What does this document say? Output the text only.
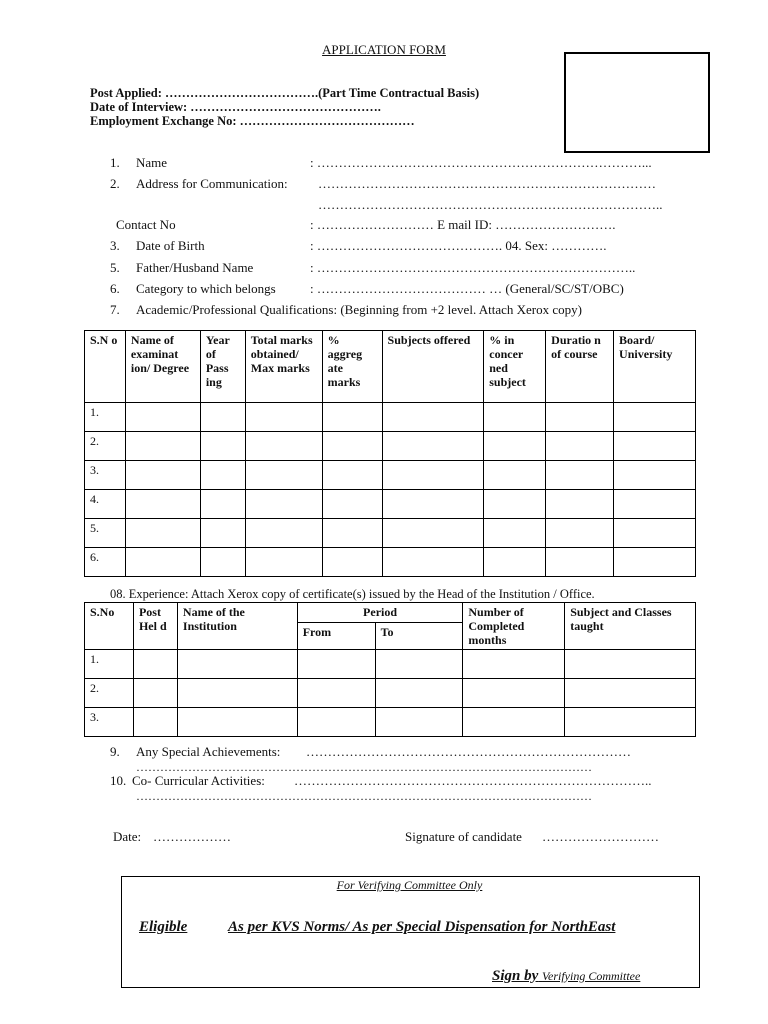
APPLICATION FORM
Post Applied: ……………………………….(Part Time Contractual Basis)
Date of Interview: ……………………………………….
Employment Exchange No: ……………………………………
1. Name	: …………………………………………………………………...
2. Address for Communication: ……………………………………………………………………
……………………………………………………………………..
Contact No	: ……………………… E mail ID: ……………………….
3. Date of Birth	: ……………………………………. 04. Sex: ………….
5. Father/Husband Name	: ………………………………………………………………..
6. Category to which belongs	: ………………………………… … (General/SC/ST/OBC)
7. Academic/Professional Qualifications: (Beginning from +2 level. Attach Xerox copy)
S.N o	Name of examinat ion/ Degree	Year of Pass ing	Total marks obtained/ Max marks	% aggreg ate marks	Subjects offered	% in concer ned subject	Duratio n of course	Board/ University
1.								
2.								
3.								
4.								
5.								
6.								
08. Experience: Attach Xerox copy of certificate(s) issued by the Head of the Institution / Office.
S.No	Post Hel d	Name of the Institution	Period		Number of Completed months	Subject and Classes taught
			From	To		
1.						
2.						
3.						
9. Any Special Achievements: …………………………………………………………………
……………………………………………………………………………………………………
10. Co- Curricular Activities: ………………………………………………………………………..
……………………………………………………………………………………………………
Date: ………………	Signature of candidate ………………………
For Verifying Committee Only
Eligible	As per KVS Norms/ As per Special Dispensation for NorthEast
Sign by Verifying Committee
